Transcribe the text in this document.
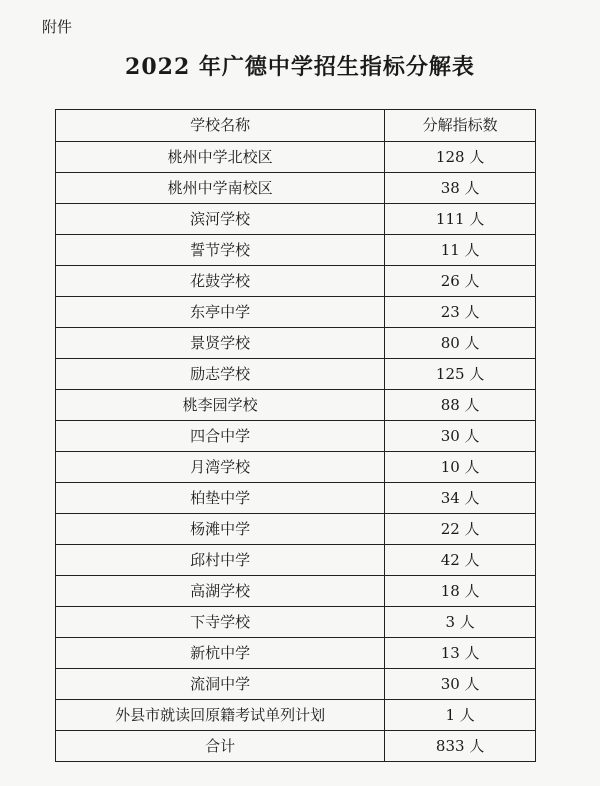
附件
2022 年广德中学招生指标分解表
学校名称	分解指标数
桃州中学北校区	128 人
桃州中学南校区	38 人
滨河学校	111 人
誓节学校	11 人
花鼓学校	26 人
东亭中学	23 人
景贤学校	80 人
励志学校	125 人
桃李园学校	88 人
四合中学	30 人
月湾学校	10 人
柏垫中学	34 人
杨滩中学	22 人
邱村中学	42 人
高湖学校	18 人
下寺学校	3 人
新杭中学	13 人
流洞中学	30 人
外县市就读回原籍考试单列计划	1 人
合计	833 人
